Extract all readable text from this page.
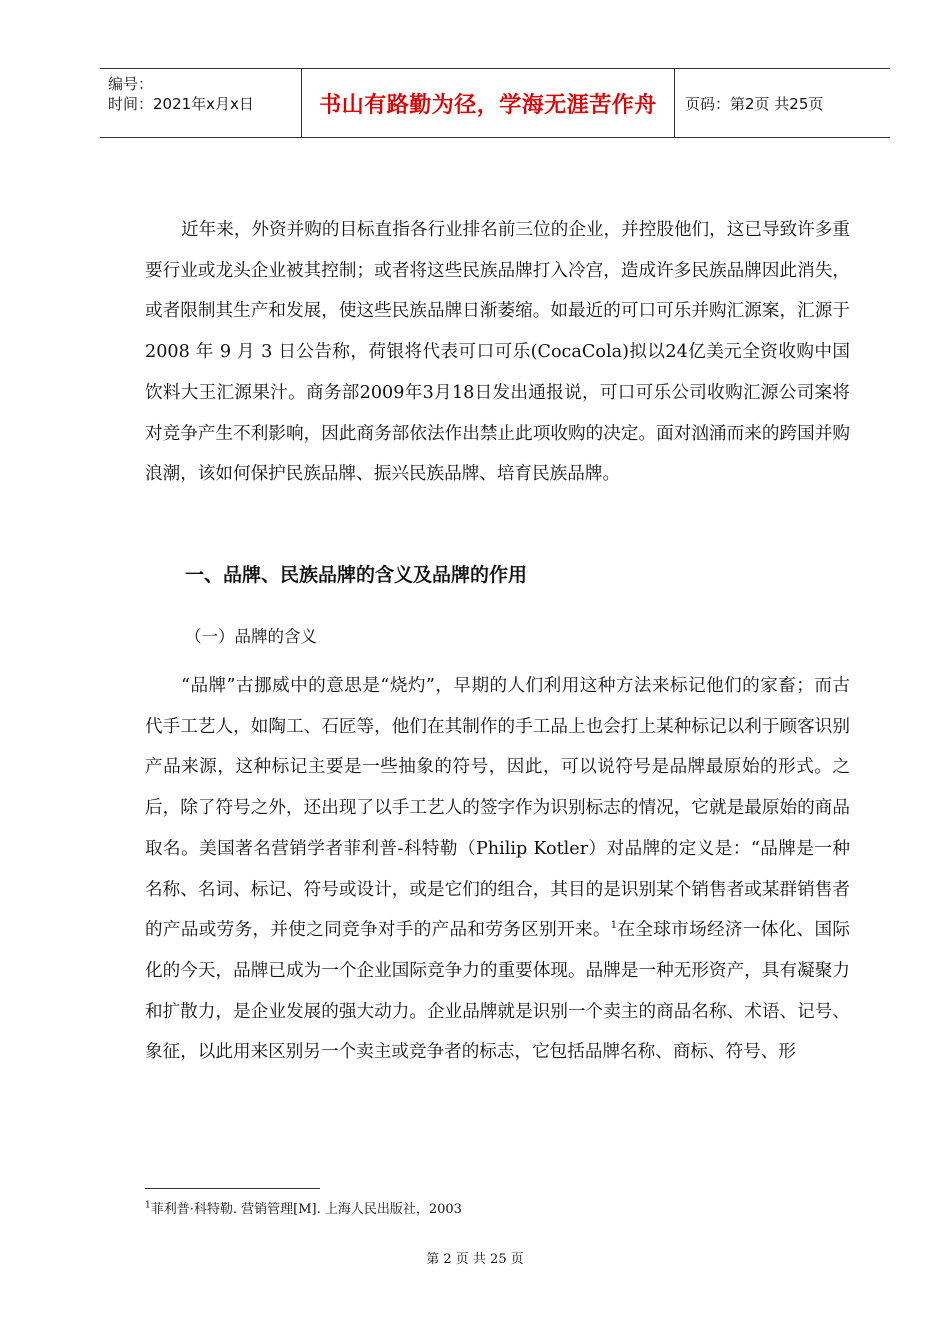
编号：
时间：2021年x月x日	书山有路勤为径，学海无涯苦作舟	页码：第2页 共25页
近年来，外资并购的目标直指各行业排名前三位的企业，并控股他们，这已导致许多重要行业或龙头企业被其控制；或者将这些民族品牌打入冷宫，造成许多民族品牌因此消失，或者限制其生产和发展，使这些民族品牌日渐萎缩。如最近的可口可乐并购汇源案，汇源于 2008 年 9 月 3 日公告称，荷银将代表可口可乐(CocaCola)拟以24亿美元全资收购中国饮料大王汇源果汁。商务部2009年3月18日发出通报说，可口可乐公司收购汇源公司案将对竞争产生不利影响，因此商务部依法作出禁止此项收购的决定。面对汹涌而来的跨国并购浪潮，该如何保护民族品牌、振兴民族品牌、培育民族品牌。
一、品牌、民族品牌的含义及品牌的作用
（一）品牌的含义
“品牌”古挪威中的意思是“烧灼”，早期的人们利用这种方法来标记他们的家畜；而古代手工艺人，如陶工、石匠等，他们在其制作的手工品上也会打上某种标记以利于顾客识别产品来源，这种标记主要是一些抽象的符号，因此，可以说符号是品牌最原始的形式。之后，除了符号之外，还出现了以手工艺人的签字作为识别标志的情况，它就是最原始的商品取名。美国著名营销学者菲利普-科特勒（Philip Kotler）对品牌的定义是：“品牌是一种名称、名词、标记、符号或设计，或是它们的组合，其目的是识别某个销售者或某群销售者的产品或劳务，并使之同竞争对手的产品和劳务区别开来。$^1$在全球市场经济一体化、国际化的今天，品牌已成为一个企业国际竞争力的重要体现。品牌是一种无形资产，具有凝聚力和扩散力，是企业发展的强大动力。企业品牌就是识别一个卖主的商品名称、术语、记号、象征，以此用来区别另一个卖主或竞争者的标志，它包括品牌名称、商标、符号、形
$^1$菲利普·科特勒. 营销管理[M]. 上海人民出版社，2003
第 2 页 共 25 页
